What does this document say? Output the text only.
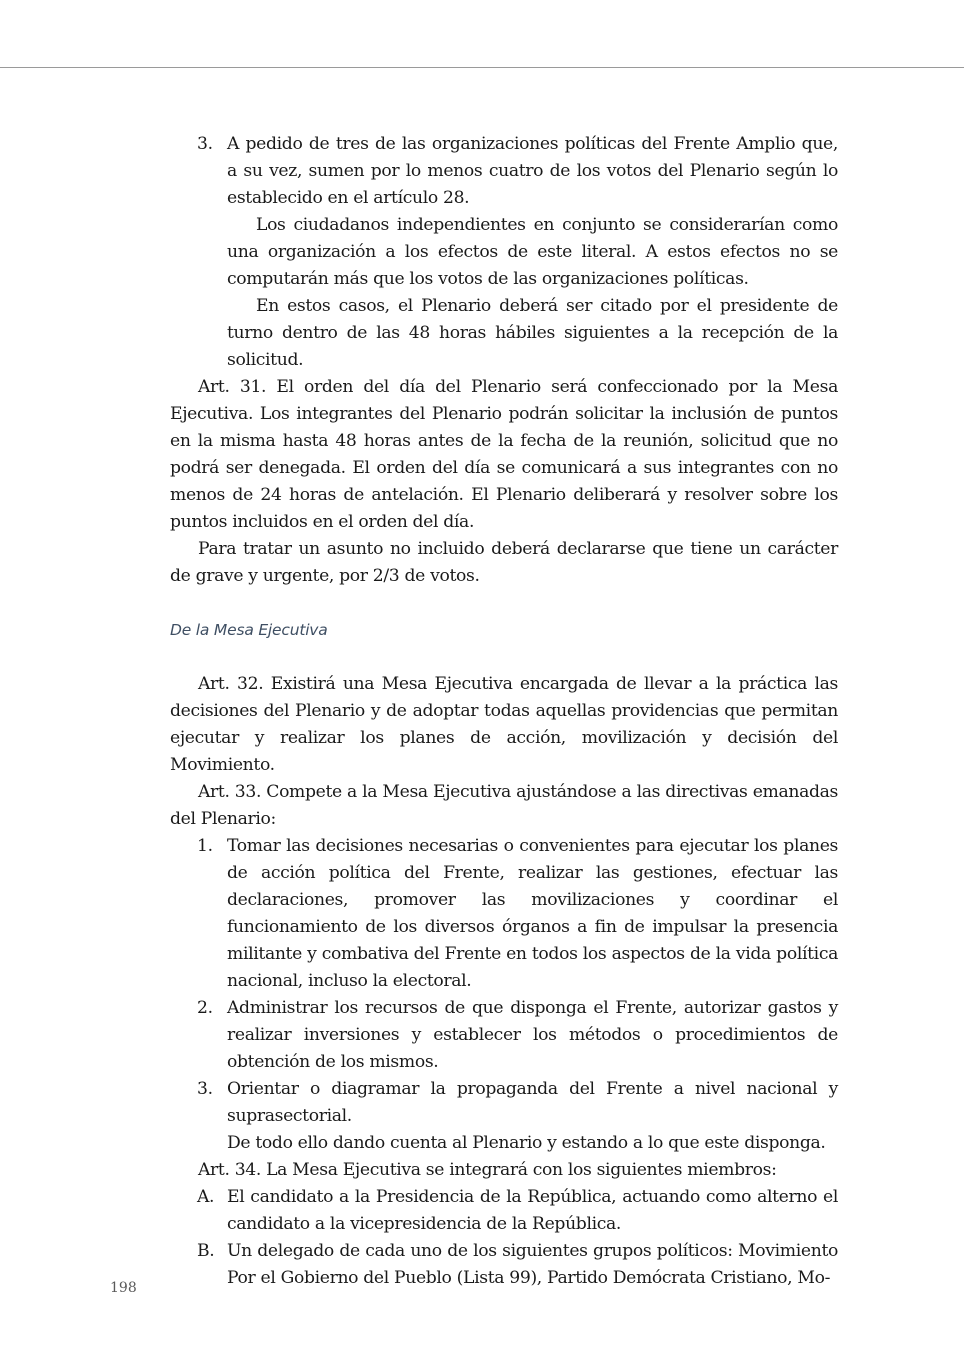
3. A pedido de tres de las organizaciones políticas del Frente Amplio que, a su vez, sumen por lo menos cuatro de los votos del Plenario según lo establecido en el artículo 28.

Los ciudadanos independientes en conjunto se considerarían como una organización a los efectos de este literal. A estos efectos no se computarán más que los votos de las organizaciones políticas.

En estos casos, el Plenario deberá ser citado por el presidente de turno dentro de las 48 horas hábiles siguientes a la recepción de la solicitud.

Art. 31. El orden del día del Plenario será confeccionado por la Mesa Ejecutiva. Los integrantes del Plenario podrán solicitar la inclusión de puntos en la misma hasta 48 horas antes de la fecha de la reunión, solicitud que no podrá ser denegada. El orden del día se comunicará a sus integrantes con no menos de 24 horas de antelación. El Plenario deliberará y resolver sobre los puntos incluidos en el orden del día.

Para tratar un asunto no incluido deberá declararse que tiene un carácter de grave y urgente, por 2/3 de votos.

De la Mesa Ejecutiva

Art. 32. Existirá una Mesa Ejecutiva encargada de llevar a la práctica las decisiones del Plenario y de adoptar todas aquellas providencias que permitan ejecutar y realizar los planes de acción, movilización y decisión del Movimiento.

Art. 33. Compete a la Mesa Ejecutiva ajustándose a las directivas emanadas del Plenario:

1. Tomar las decisiones necesarias o convenientes para ejecutar los planes de acción política del Frente, realizar las gestiones, efectuar las declaraciones, promover las movilizaciones y coordinar el funcionamiento de los diversos órganos a fin de impulsar la presencia militante y combativa del Frente en todos los aspectos de la vida política nacional, incluso la electoral.
2. Administrar los recursos de que disponga el Frente, autorizar gastos y realizar inversiones y establecer los métodos o procedimientos de obtención de los mismos.
3. Orientar o diagramar la propaganda del Frente a nivel nacional y suprasectorial.

De todo ello dando cuenta al Plenario y estando a lo que este disponga.

Art. 34. La Mesa Ejecutiva se integrará con los siguientes miembros:

A. El candidato a la Presidencia de la República, actuando como alterno el candidato a la vicepresidencia de la República.
B. Un delegado de cada uno de los siguientes grupos políticos: Movimiento Por el Gobierno del Pueblo (Lista 99), Partido Demócrata Cristiano, Mo-
198
